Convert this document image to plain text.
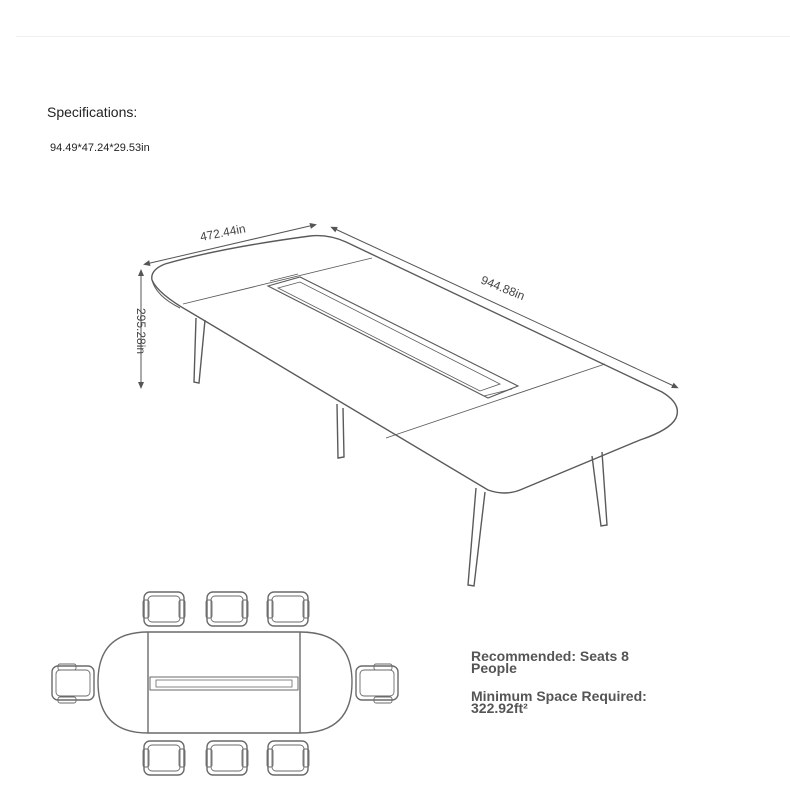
Specifications:
94.49*47.24*29.53in
472.44in
944.88in
295.28in
Recommended: Seats 8 People
Minimum Space Required: 322.92ft²
